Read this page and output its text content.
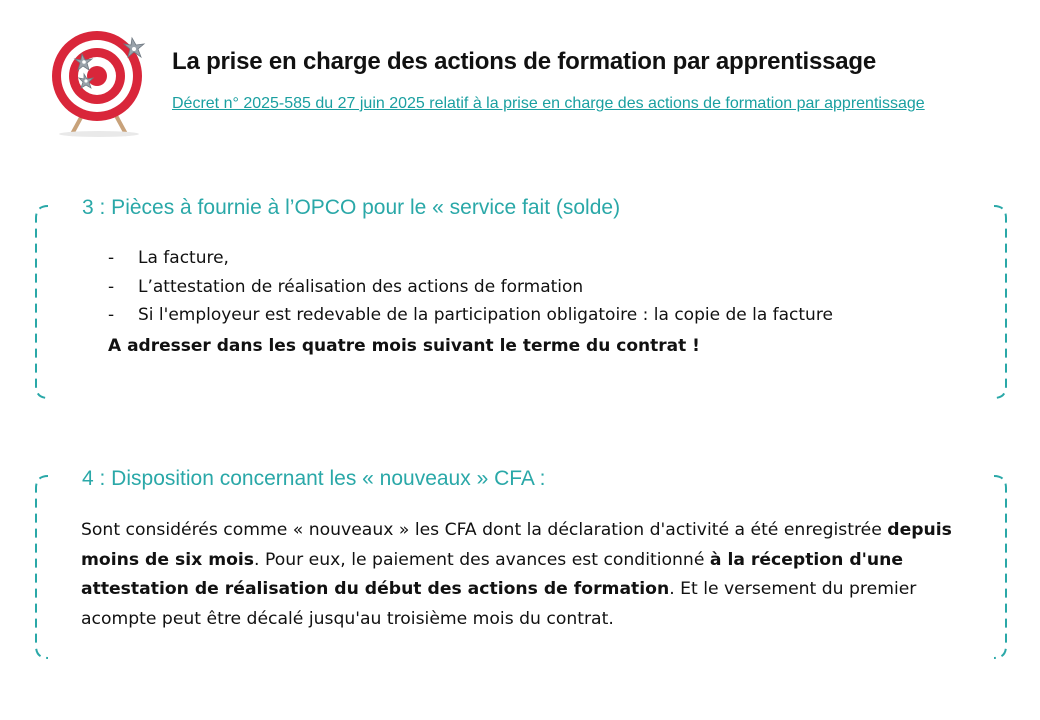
La prise en charge des actions de formation par apprentissage
Décret n° 2025-585 du 27 juin 2025 relatif à la prise en charge des actions de formation par apprentissage
3 : Pièces à fournie à l’OPCO pour le « service fait (solde)
- La facture,
- L’attestation de réalisation des actions de formation
- Si l'employeur est redevable de la participation obligatoire : la copie de la facture
A adresser dans les quatre mois suivant le terme du contrat !
4 : Disposition concernant les « nouveaux » CFA :
Sont considérés comme « nouveaux » les CFA dont la déclaration d'activité a été enregistrée depuis moins de six mois. Pour eux, le paiement des avances est conditionné à la réception d'une attestation de réalisation du début des actions de formation. Et le versement du premier acompte peut être décalé jusqu'au troisième mois du contrat.
